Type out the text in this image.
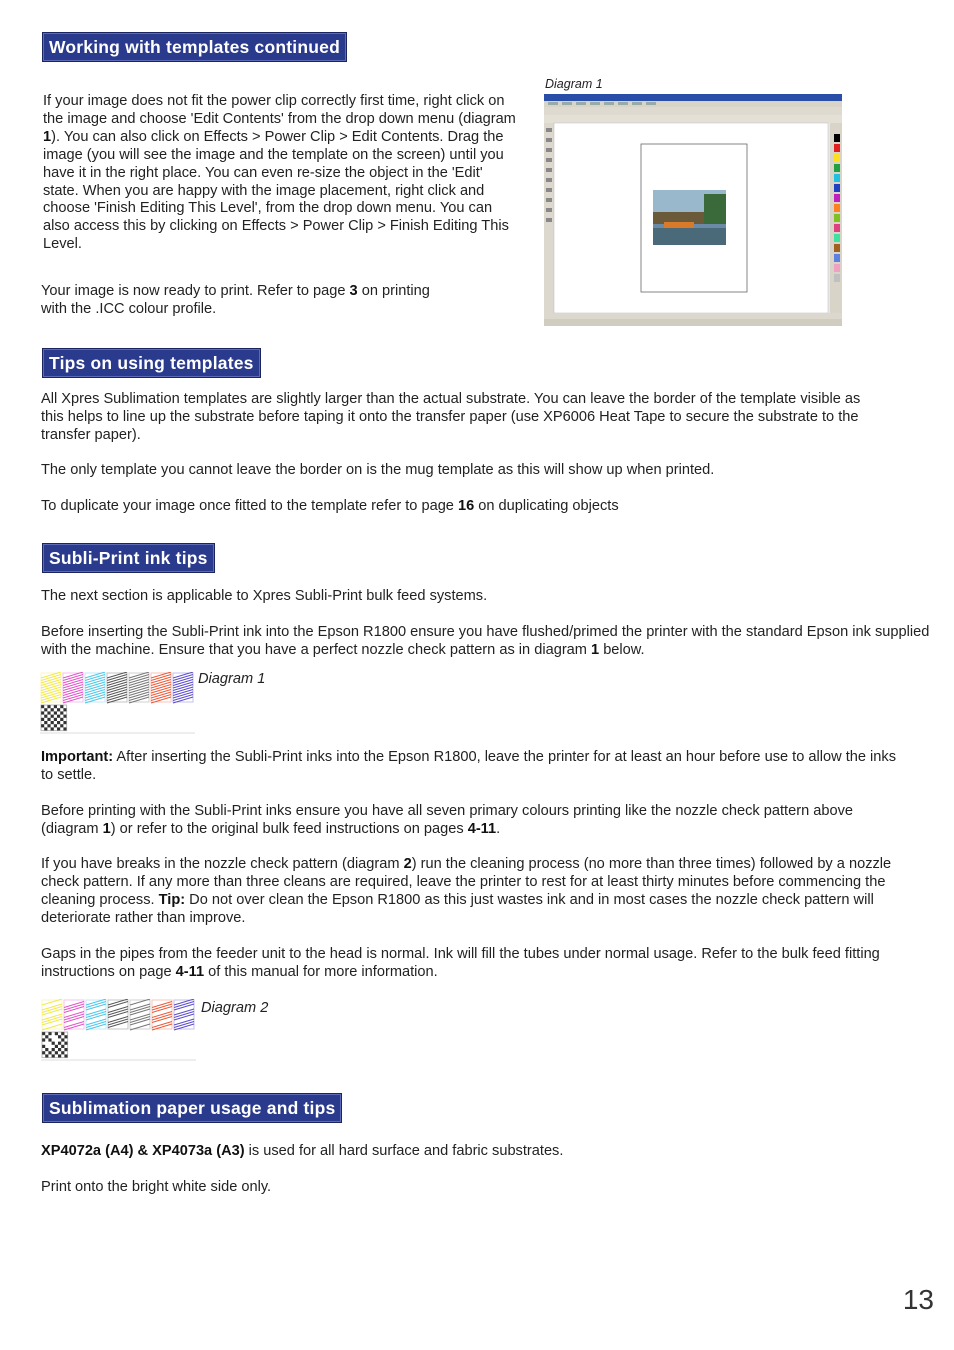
Working with templates continued

If your image does not fit the power clip correctly first time, right click on the image and choose 'Edit Contents' from the drop down menu (diagram 1). You can also click on Effects > Power Clip > Edit Contents. Drag the image (you will see the image and the template on the screen) until you have it in the right place. You can even re-size the object in the 'Edit' state. When you are happy with the image placement, right click and choose 'Finish Editing This Level', from the drop down menu. You can also access this by clicking on Effects > Power Clip > Finish Editing This Level.

Your image is now ready to print. Refer to page 3 on printing with the .ICC colour profile.

Diagram 1
Tips on using templates

All Xpres Sublimation templates are slightly larger than the actual substrate. You can leave the border of the template visible as this helps to line up the substrate before taping it onto the transfer paper (use XP6006 Heat Tape to secure the substrate to the transfer paper).

The only template you cannot leave the border on is the mug template as this will show up when printed.

To duplicate your image once fitted to the template refer to page 16 on duplicating objects

Subli-Print ink tips

The next section is applicable to Xpres Subli-Print bulk feed systems.

Before inserting the Subli-Print ink into the Epson R1800 ensure you have flushed/primed the printer with the standard Epson ink supplied with the machine. Ensure that you have a perfect nozzle check pattern as in diagram 1 below.

Diagram 1

Important: After inserting the Subli-Print inks into the Epson R1800, leave the printer for at least an hour before use to allow the inks to settle.

Before printing with the Subli-Print inks ensure you have all seven primary colours printing like the nozzle check pattern above (diagram 1) or refer to the original bulk feed instructions on pages 4-11.

If you have breaks in the nozzle check pattern (diagram 2) run the cleaning process (no more than three times) followed by a nozzle check pattern. If any more than three cleans are required, leave the printer to rest for at least thirty minutes before commencing the cleaning process. Tip: Do not over clean the Epson R1800 as this just wastes ink and in most cases the nozzle check pattern will deteriorate rather than improve.

Gaps in the pipes from the feeder unit to the head is normal. Ink will fill the tubes under normal usage. Refer to the bulk feed fitting instructions on page 4-11 of this manual for more information.

Diagram 2
Sublimation paper usage and tips

XP4072a (A4) & XP4073a (A3) is used for all hard surface and fabric substrates.

Print onto the bright white side only.

13
